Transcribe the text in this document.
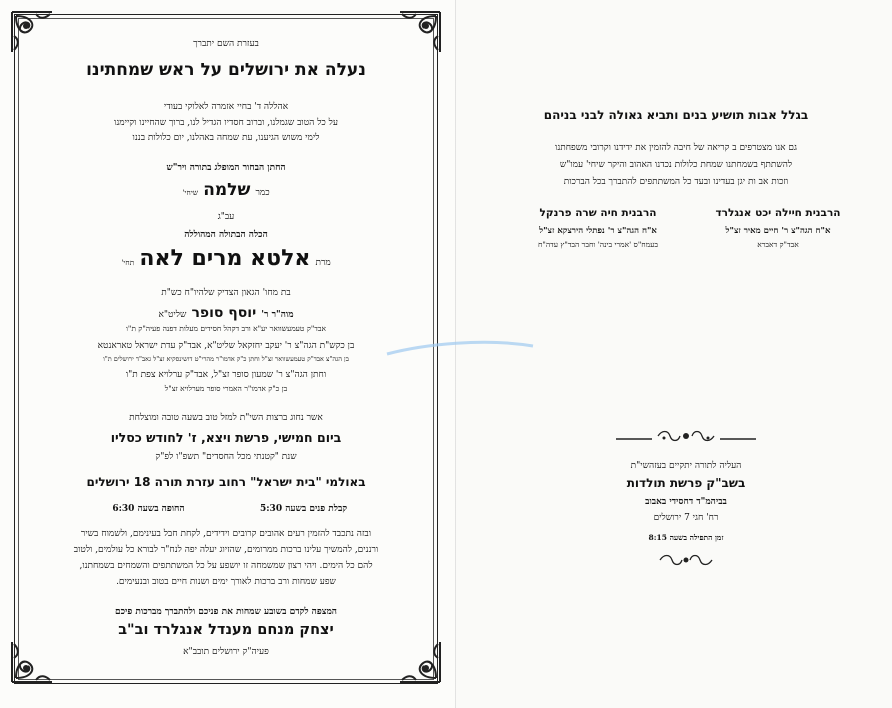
בעזרת השם יתברך
נעלה את ירושלים על ראש שמחתינו
אהללה ד' בחיי אזמרה לאלוקי בעודי
על כל הטוב שגמלנו, וברוב חסדיו הגדיל לנו, ברוך שהחיינו וקיימנו
לימי משוש הגיענו, עת שמחה באהלנו, יום כלולות בננו
החתן הבחור המופלג בתורה ויר"ש
כמר שלמה שיחי'
עב"ג
הכלה הבתולה המהוללה
מרת אלטא מרים לאה תחי'
בת מחו' הגאון הצדיק שלהיו"ח כש"ת
מוה"ר ר' יוסף סופר שליט"א
אבד"ק טעמעשוואר יע"א ורב דקהל חסידים מעלות דפנה פעיה"ק ת"ו
בן כקש"ת הגה"צ ר' יעקב יחזקאל שליט"א, אבד"ק עדת ישראל טאראנטא
בן הגה"צ אבד"ק טעמעשוואר זצ"ל וחתן כ"ק אדמו"ר מהרי"ט דושינסקיא זצ"ל גאב"ד ירושלים ת"ו
וחתן הגה"צ ר' שמעון סופר זצ"ל, אבד"ק ערלויא צפת ת"ו
בן כ"ק אדמו"ר האמרי סופר מערלויא זצ"ל
אשר נחוג ברצות השי"ת למזל טוב בשעה טובה ומוצלחת
ביום חמישי, פרשת ויצא, ז' לחודש כסליו
שנת "קטנתי מכל החסדים" תשפ"ו לפ"ק
באולמי "בית ישראל" רחוב עזרת תורה 18 ירושלים
קבלת פנים בשעה 5:30 החופה בשעה 6:30
ובזה נתכבד להזמין רעים אהובים קרובים וידידים, לקחת חבל בעינימם, ולשמוח בשיר
ורננים, להמשיך עלינו ברכות ממרומים, שהזיוג יעלה יפה לנח"ר לבורא כל עולמים, ולטוב
להם כל הימים. ויהי רצון שמשמחה זו יושפע על כל המשתתפים והשמחים בשמחתנו,
שפע שמחות ורב ברכות לאורך ימים ושנות חיים בטוב ובנעימים.
המצפה לקדם בשובע שמחות את פניכם ולהתברך מברכות פיכם
יצחק מנחם מענדל אנגלרד וב"ב
פעיה"ק ירושלים תובב"א
בגלל אבות תושיע בנים ותביא גאולה לבני בניהם
גם אנו מצטרפים ב קריאה של חיבה להזמין את ידידנו וקרובי משפחתנו
להשתתף בשמחתנו שמחת כלולות נכדנו האהוב והיקר שיחי' עמו"ש
וזכות אב ות יגן בעדינו ובעד כל המשתתפים להתברך בכל הברכות
הרבנית חיילה יכט אנגלרד
א"ח הגה"צ ר' חיים מאיר זצ"ל
אבד"ק דאברא
הרבנית חיה שרה פרנקל
א"ח הגה"צ ר' נפתלי הירצקא זצ"ל
בעמח"ס 'אמרי בינה' וחבר הבד"ץ עדה"ח
העליה לתורה יתקיים בעזהשי"ת
בשב"ק פרשת תולדות
בביהמ"ד דחסידי באבוב
רח' חגי 7 ירושלים
זמן התפילה בשעה 8:15
